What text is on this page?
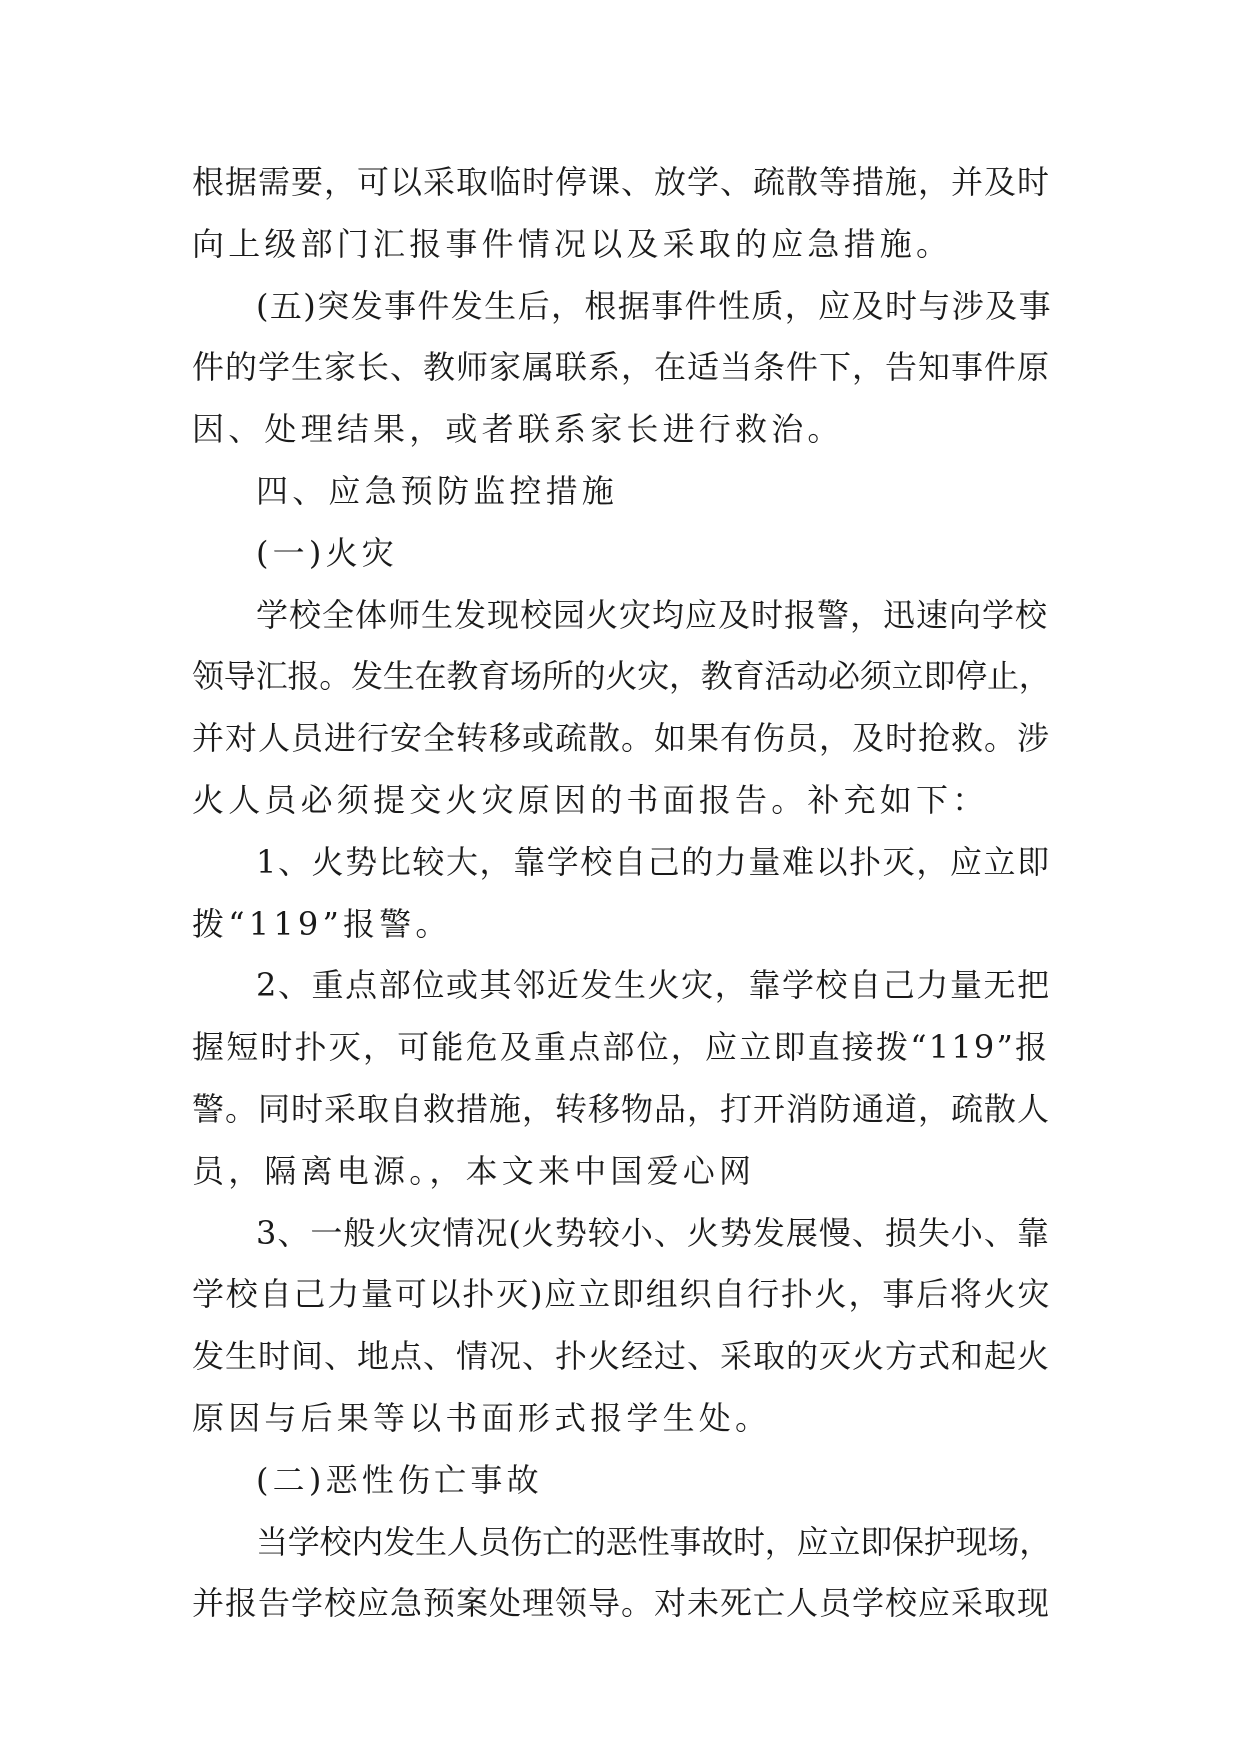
根据需要，可以采取临时停课、放学、疏散等措施，并及时
向上级部门汇报事件情况以及采取的应急措施。
(五)突发事件发生后，根据事件性质，应及时与涉及事
件的学生家长、教师家属联系，在适当条件下，告知事件原
因、处理结果，或者联系家长进行救治。
四、应急预防监控措施
(一)火灾
学校全体师生发现校园火灾均应及时报警，迅速向学校
领导汇报。发生在教育场所的火灾，教育活动必须立即停止，
并对人员进行安全转移或疏散。如果有伤员，及时抢救。涉
火人员必须提交火灾原因的书面报告。补充如下：
1、火势比较大，靠学校自己的力量难以扑灭，应立即
拨“119”报警。
2、重点部位或其邻近发生火灾，靠学校自己力量无把
握短时扑灭，可能危及重点部位，应立即直接拨“119”报
警。同时采取自救措施，转移物品，打开消防通道，疏散人
员，隔离电源。，本文来中国爱心网
3、一般火灾情况(火势较小、火势发展慢、损失小、靠
学校自己力量可以扑灭)应立即组织自行扑火，事后将火灾
发生时间、地点、情况、扑火经过、采取的灭火方式和起火
原因与后果等以书面形式报学生处。
(二)恶性伤亡事故
当学校内发生人员伤亡的恶性事故时，应立即保护现场，
并报告学校应急预案处理领导。对未死亡人员学校应采取现
